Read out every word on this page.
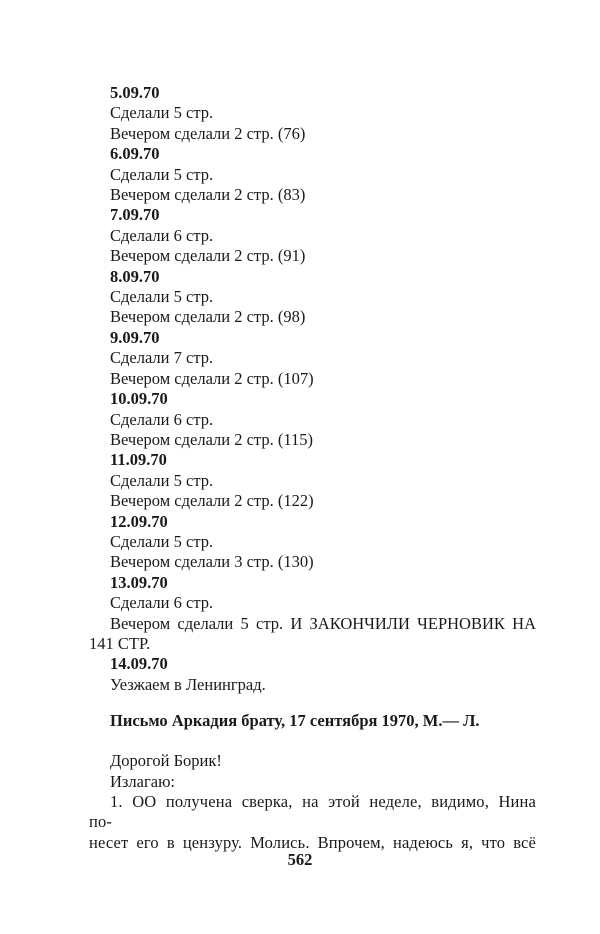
5.09.70
Сделали 5 стр.
Вечером сделали 2 стр. (76)
6.09.70
Сделали 5 стр.
Вечером сделали 2 стр. (83)
7.09.70
Сделали 6 стр.
Вечером сделали 2 стр. (91)
8.09.70
Сделали 5 стр.
Вечером сделали 2 стр. (98)
9.09.70
Сделали 7 стр.
Вечером сделали 2 стр. (107)
10.09.70
Сделали 6 стр.
Вечером сделали 2 стр. (115)
11.09.70
Сделали 5 стр.
Вечером сделали 2 стр. (122)
12.09.70
Сделали 5 стр.
Вечером сделали 3 стр. (130)
13.09.70
Сделали 6 стр.
Вечером сделали 5 стр. И ЗАКОНЧИЛИ ЧЕРНОВИК НА 141 СТР.
14.09.70
Уезжаем в Ленинград.
Письмо Аркадия брату, 17 сентября 1970, М.— Л.
Дорогой Борик!
Излагаю:
1. ОО получена сверка, на этой неделе, видимо, Нина по-
несет его в цензуру. Молись. Впрочем, надеюсь я, что всё
562
